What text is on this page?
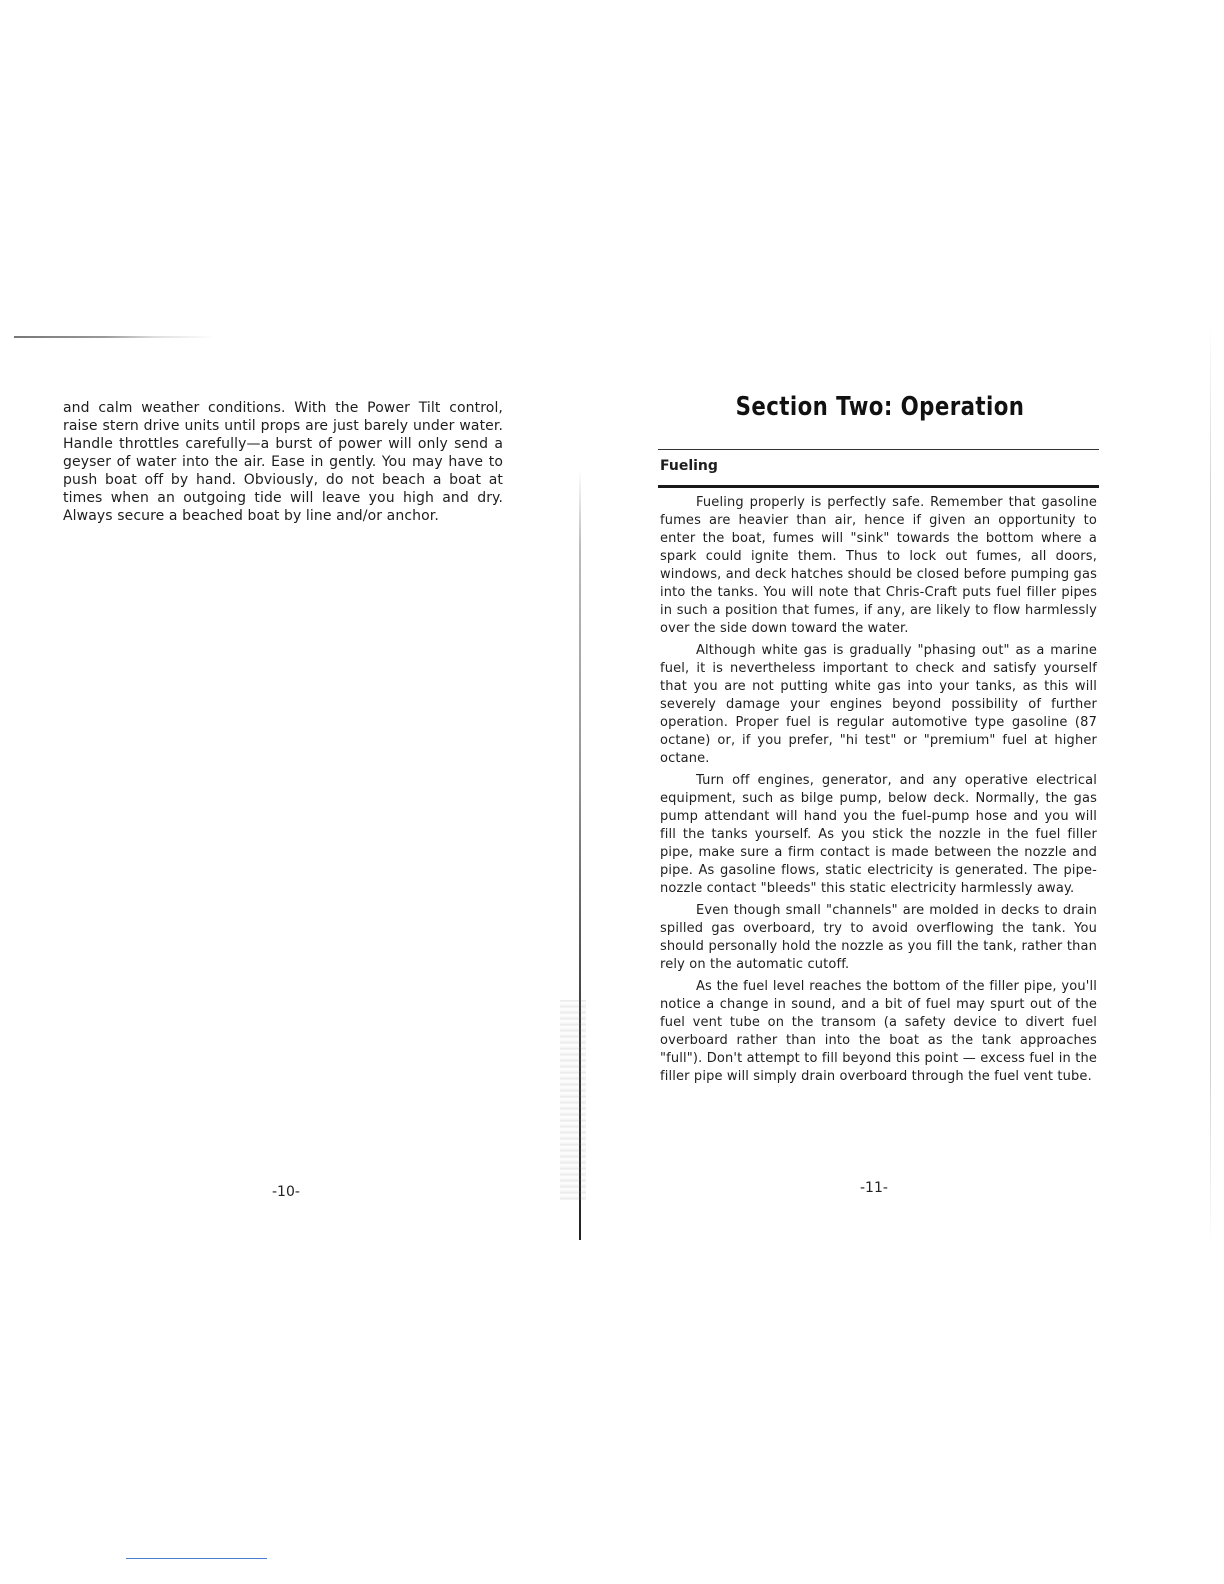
and calm weather conditions. With the Power Tilt control, raise stern drive units until props are just barely under water. Handle throttles carefully—a burst of power will only send a geyser of water into the air. Ease in gently. You may have to push boat off by hand. Obviously, do not beach a boat at times when an outgoing tide will leave you high and dry. Always secure a beached boat by line and/or anchor.

-10-
Section Two: Operation
Fueling

Fueling properly is perfectly safe. Remember that gasoline fumes are heavier than air, hence if given an opportunity to enter the boat, fumes will "sink" towards the bottom where a spark could ignite them. Thus to lock out fumes, all doors, windows, and deck hatches should be closed before pumping gas into the tanks. You will note that Chris-Craft puts fuel filler pipes in such a position that fumes, if any, are likely to flow harmlessly over the side down toward the water.

Although white gas is gradually "phasing out" as a marine fuel, it is nevertheless important to check and satisfy yourself that you are not putting white gas into your tanks, as this will severely damage your engines beyond possibility of further operation. Proper fuel is regular automotive type gasoline (87 octane) or, if you prefer, "hi test" or "premium" fuel at higher octane.

Turn off engines, generator, and any operative electrical equipment, such as bilge pump, below deck. Normally, the gas pump attendant will hand you the fuel-pump hose and you will fill the tanks yourself. As you stick the nozzle in the fuel filler pipe, make sure a firm contact is made between the nozzle and pipe. As gasoline flows, static electricity is generated. The pipe-nozzle contact "bleeds" this static electricity harmlessly away.

Even though small "channels" are molded in decks to drain spilled gas overboard, try to avoid overflowing the tank. You should personally hold the nozzle as you fill the tank, rather than rely on the automatic cutoff.

As the fuel level reaches the bottom of the filler pipe, you'll notice a change in sound, and a bit of fuel may spurt out of the fuel vent tube on the transom (a safety device to divert fuel overboard rather than into the boat as the tank approaches "full"). Don't attempt to fill beyond this point — excess fuel in the filler pipe will simply drain overboard through the fuel vent tube.

-11-
